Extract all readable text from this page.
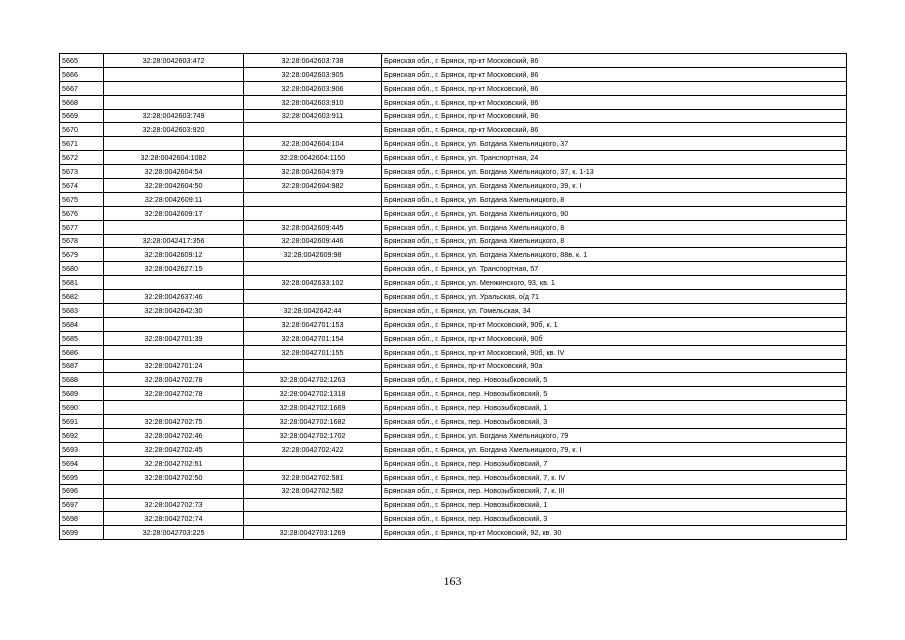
5665	32:28:0042603:472	32:28:0042603:738	Брянская обл., г. Брянск, пр-кт Московский, 86
5666		32:28:0042603:905	Брянская обл., г. Брянск, пр-кт Московский, 86
5667		32:28:0042603:906	Брянская обл., г. Брянск, пр-кт Московский, 86
5668		32:28:0042603:910	Брянская обл., г. Брянск, пр-кт Московский, 86
5669	32:28:0042603:749	32:28:0042603:911	Брянская обл., г. Брянск, пр-кт Московский, 86
5670	32:28:0042603:920		Брянская обл., г. Брянск, пр-кт Московский, 86
5671		32:28:0042604:104	Брянская обл., г. Брянск, ул. Богдана Хмельницкого, 37
5672	32:28:0042604:1082	32:28:0042604:1150	Брянская обл., г. Брянск, ул. Транспортная, 24
5673	32:28:0042604:54	32:28:0042604:979	Брянская обл., г. Брянск, ул. Богдана Хмельницкого, 37, к. 1-13
5674	32:28:0042604:50	32:28:0042604:982	Брянская обл., г. Брянск, ул. Богдана Хмельницкого, 39, к. I
5675	32:28:0042609:11		Брянская обл., г. Брянск, ул. Богдана Хмельницкого, 8
5676	32:28:0042609:17		Брянская обл., г. Брянск, ул. Богдана Хмельницкого, 90
5677		32:28:0042609:445	Брянская обл., г. Брянск, ул. Богдана Хмельницкого, 8
5678	32:28:0042417:356	32:28:0042609:446	Брянская обл., г. Брянск, ул. Богдана Хмельницкого, 8
5679	32:28:0042609:12	32:28:0042609:98	Брянская обл., г. Брянск, ул. Богдана Хмельницкого, 88в, к. 1
5680	32:28:0042627:15		Брянская обл., г. Брянск, ул. Транспортная, 57
5681		32:28:0042633:102	Брянская обл., г. Брянск, ул. Менжинского, 93, кв. 1
5682	32:28:0042637:46		Брянская обл., г. Брянск, ул. Уральская, о/д 71
5683	32:28:0042642:30	32:28:0042642:44	Брянская обл., г. Брянск, ул. Гомельская, 34
5684		32:28:0042701:153	Брянская обл., г. Брянск, пр-кт Московский, 90б, к. 1
5685	32:28:0042701:39	32:28:0042701:154	Брянская обл., г. Брянск, пр-кт Московский, 90б
5686		32:28:0042701:155	Брянская обл., г. Брянск, пр-кт Московский, 90б, кв. IV
5687	32:28:0042701:24		Брянская обл., г. Брянск, пр-кт Московский, 90а
5688	32:28:0042702:78	32:28:0042702:1263	Брянская обл., г. Брянск, пер. Новозыбковский, 5
5689	32:28:0042702:78	32:28:0042702:1318	Брянская обл., г. Брянск, пер. Новозыбковский, 5
5690		32:28:0042702:1669	Брянская обл., г. Брянск, пер. Новозыбковский, 1
5691	32:28:0042702:75	32:28:0042702:1682	Брянская обл., г. Брянск, пер. Новозыбковский, 3
5692	32:28:0042702:46	32:28:0042702:1702	Брянская обл., г. Брянск, ул. Богдана Хмельницкого, 79
5693	32:28:0042702:45	32:28:0042702:422	Брянская обл., г. Брянск, ул. Богдана Хмельницкого, 79, к. I
5694	32:28:0042702:51		Брянская обл., г. Брянск, пер. Новозыбковский, 7
5695	32:28:0042702:50	32:28:0042702:581	Брянская обл., г. Брянск, пер. Новозыбковский, 7, к. IV
5696		32:28:0042702:582	Брянская обл., г. Брянск, пер. Новозыбковский, 7, к. III
5697	32:28:0042702:73		Брянская обл., г. Брянск, пер. Новозыбковский, 1
5698	32:28:0042702:74		Брянская обл., г. Брянск, пер. Новозыбковский, 3
5699	32:28:0042703:225	32:28:0042703:1269	Брянская обл., г. Брянск, пр-кт Московский, 92, кв. 30
163
